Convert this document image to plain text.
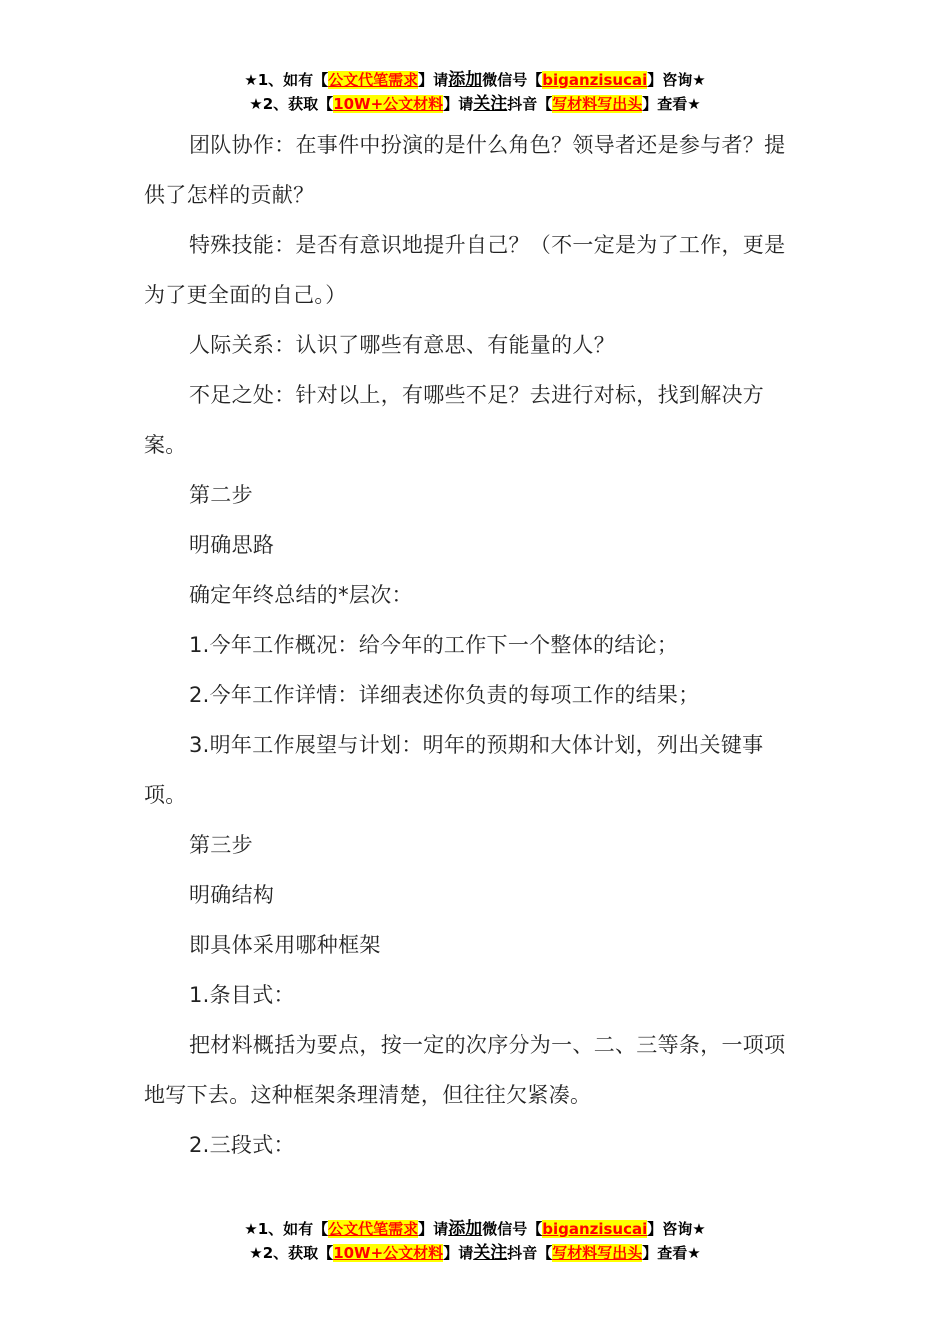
★1、如有【公文代笔需求】请添加微信号【biganzisucai】咨询★
★2、获取【10W+公文材料】请关注抖音【写材料写出头】查看★

团队协作：在事件中扮演的是什么角色？领导者还是参与者？提供了怎样的贡献？

特殊技能：是否有意识地提升自己？（不一定是为了工作，更是为了更全面的自己。）

人际关系：认识了哪些有意思、有能量的人？

不足之处：针对以上，有哪些不足？去进行对标，找到解决方案。

第二步

明确思路

确定年终总结的*层次：

1.今年工作概况：给今年的工作下一个整体的结论；

2.今年工作详情：详细表述你负责的每项工作的结果；

3.明年工作展望与计划：明年的预期和大体计划，列出关键事项。

第三步

明确结构

即具体采用哪种框架

1.条目式：

把材料概括为要点，按一定的次序分为一、二、三等条，一项项地写下去。这种框架条理清楚，但往往欠紧凑。

2.三段式：

★1、如有【公文代笔需求】请添加微信号【biganzisucai】咨询★
★2、获取【10W+公文材料】请关注抖音【写材料写出头】查看★
